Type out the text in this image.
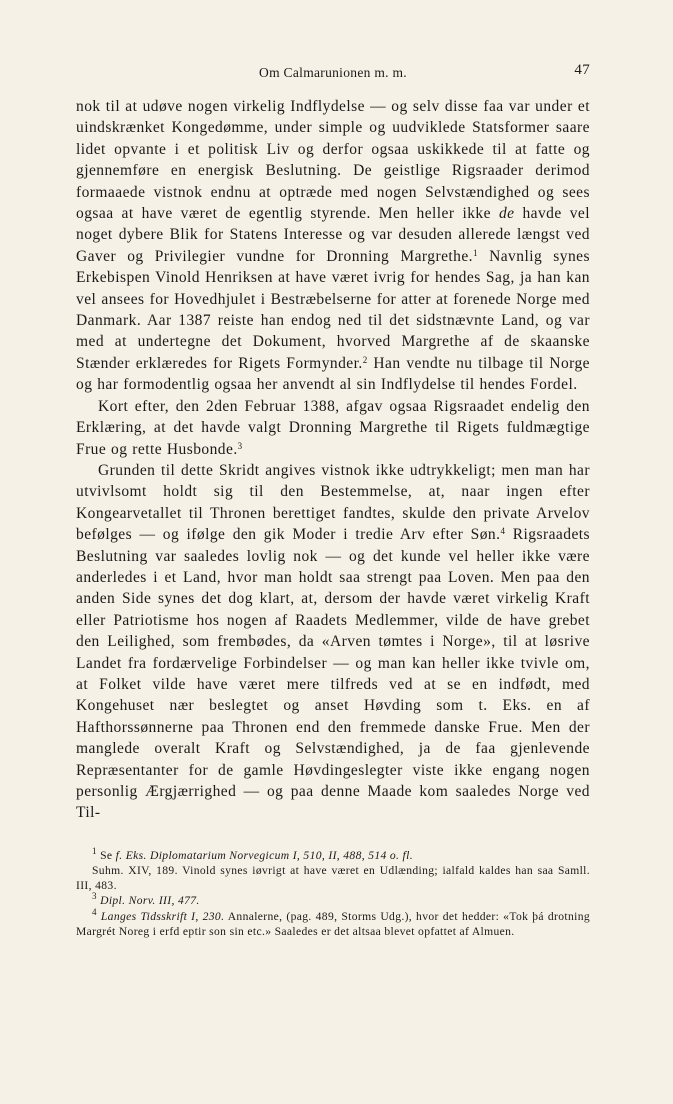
Om Calmarunionen m. m.	47

nok til at udøve nogen virkelig Indflydelse — og selv disse faa var under et uindskrænket Kongedømme, under simple og uudviklede Statsformer saare lidet opvante i et politisk Liv og derfor ogsaa uskikkede til at fatte og gjennemføre en energisk Beslutning. De geistlige Rigsraader derimod formaaede vistnok endnu at optræde med nogen Selvstændighed og sees ogsaa at have været de egentlig styrende. Men heller ikke de havde vel noget dybere Blik for Statens Interesse og var desuden allerede længst ved Gaver og Privilegier vundne for Dronning Margrethe.$^1$ Navnlig synes Erkebispen Vinold Henriksen at have været ivrig for hendes Sag, ja han kan vel ansees for Hovedhjulet i Bestræbelserne for atter at forenede Norge med Danmark. Aar 1387 reiste han endog ned til det sidstnævnte Land, og var med at undertegne det Dokument, hvorved Margrethe af de skaanske Stænder erklæredes for Rigets Formynder.$^2$ Han vendte nu tilbage til Norge og har formodentlig ogsaa her anvendt al sin Indflydelse til hendes Fordel.

Kort efter, den 2den Februar 1388, afgav ogsaa Rigsraadet endelig den Erklæring, at det havde valgt Dronning Margrethe til Rigets fuldmægtige Frue og rette Husbonde.$^3$

Grunden til dette Skridt angives vistnok ikke udtrykkeligt; men man har utvivlsomt holdt sig til den Bestemmelse, at, naar ingen efter Kongearvetallet til Thronen berettiget fandtes, skulde den private Arvelov befølges — og ifølge den gik Moder i tredie Arv efter Søn.$^4$ Rigsraadets Beslutning var saaledes lovlig nok — og det kunde vel heller ikke være anderledes i et Land, hvor man holdt saa strengt paa Loven. Men paa den anden Side synes det dog klart, at, dersom der havde været virkelig Kraft eller Patriotisme hos nogen af Raadets Medlemmer, vilde de have grebet den Leilighed, som frembødes, da «Arven tømtes i Norge», til at løsrive Landet fra fordærvelige Forbindelser — og man kan heller ikke tvivle om, at Folket vilde have været mere tilfreds ved at se en indfødt, med Kongehuset nær beslegtet og anset Høvding som t. Eks. en af Hafthorssønnerne paa Thronen end den fremmede danske Frue. Men der manglede overalt Kraft og Selvstændighed, ja de faa gjenlevende Repræsentanter for de gamle Høvdingeslegter viste ikke engang nogen personlig Ærgjærrighed — og paa denne Maade kom saaledes Norge ved Til-

$^1$ Se f. Eks. Diplomatarium Norvegicum I, 510, II, 488, 514 o. fl.

Suhm. XIV, 189. Vinold synes iøvrigt at have været en Udlænding; ialfald kaldes han saa Samll. III, 483.

$^3$ Dipl. Norv. III, 477.

$^4$ Langes Tidsskrift I, 230. Annalerne, (pag. 489, Storms Udg.), hvor det hedder: «Tok þá drotning Margrét Noreg i erfd eptir son sin etc.» Saaledes er det altsaa blevet opfattet af Almuen.
